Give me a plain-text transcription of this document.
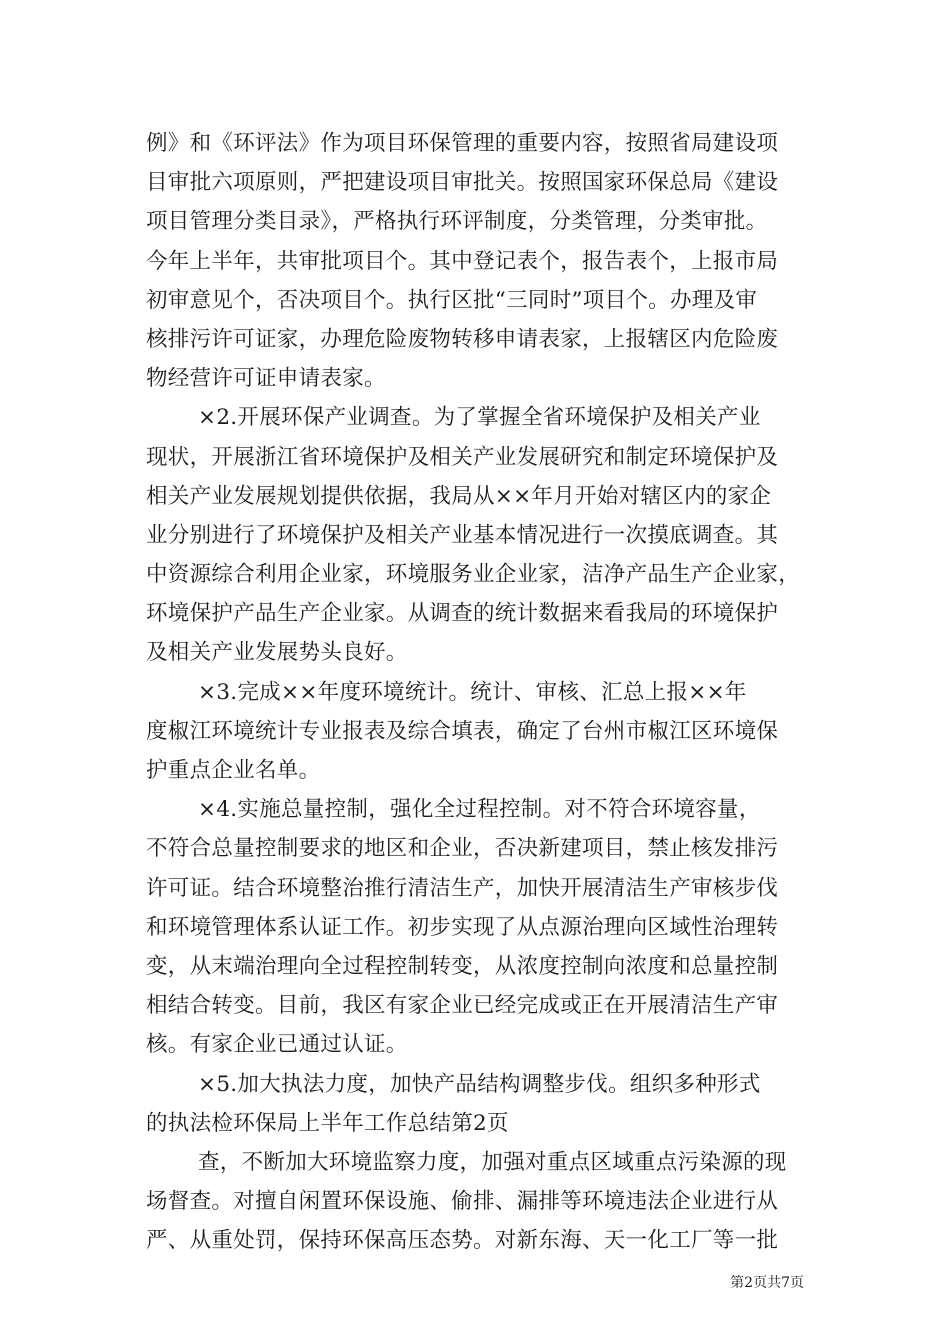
例》和《环评法》作为项目环保管理的重要内容，按照省局建设项
目审批六项原则，严把建设项目审批关。按照国家环保总局《建设
项目管理分类目录》，严格执行环评制度，分类管理，分类审批。
今年上半年，共审批项目个。其中登记表个，报告表个，上报市局
初审意见个，否决项目个。执行区批“三同时”项目个。办理及审
核排污许可证家，办理危险废物转移申请表家，上报辖区内危险废
物经营许可证申请表家。
×2.开展环保产业调查。为了掌握全省环境保护及相关产业
现状，开展浙江省环境保护及相关产业发展研究和制定环境保护及
相关产业发展规划提供依据，我局从××年月开始对辖区内的家企
业分别进行了环境保护及相关产业基本情况进行一次摸底调查。其
中资源综合利用企业家，环境服务业企业家，洁净产品生产企业家，
环境保护产品生产企业家。从调查的统计数据来看我局的环境保护
及相关产业发展势头良好。
×3.完成××年度环境统计。统计、审核、汇总上报××年
度椒江环境统计专业报表及综合填表，确定了台州市椒江区环境保
护重点企业名单。
×4.实施总量控制，强化全过程控制。对不符合环境容量，
不符合总量控制要求的地区和企业，否决新建项目，禁止核发排污
许可证。结合环境整治推行清洁生产，加快开展清洁生产审核步伐
和环境管理体系认证工作。初步实现了从点源治理向区域性治理转
变，从末端治理向全过程控制转变，从浓度控制向浓度和总量控制
相结合转变。目前，我区有家企业已经完成或正在开展清洁生产审
核。有家企业已通过认证。
×5.加大执法力度，加快产品结构调整步伐。组织多种形式
的执法检环保局上半年工作总结第2页
查，不断加大环境监察力度，加强对重点区域重点污染源的现
场督查。对擅自闲置环保设施、偷排、漏排等环境违法企业进行从
严、从重处罚，保持环保高压态势。对新东海、天一化工厂等一批
第2页共7页
